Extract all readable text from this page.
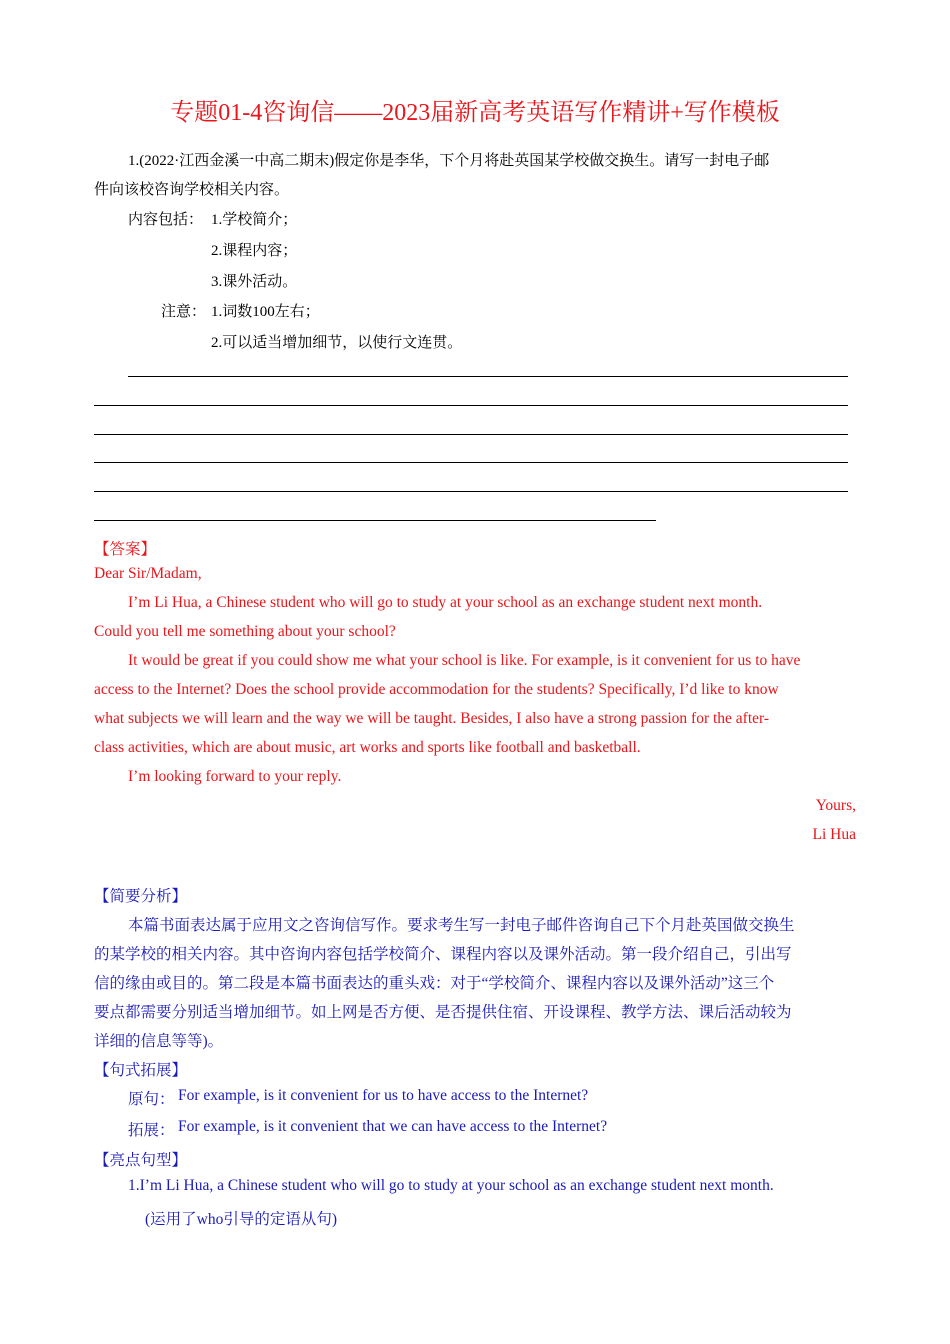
专题01-4咨询信——2023届新高考英语写作精讲+写作模板
1.(2022·江西金溪一中高二期末)假定你是李华，下个月将赴英国某学校做交换生。请写一封电子邮
件向该校咨询学校相关内容。
内容包括： 1.学校简介；
2.课程内容；
3.课外活动。
注意： 1.词数100左右；
2.可以适当增加细节，以使行文连贯。
【答案】
Dear Sir/Madam,
I’m Li Hua, a Chinese student who will go to study at your school as an exchange student next month.
Could you tell me something about your school?
It would be great if you could show me what your school is like. For example, is it convenient for us to have
access to the Internet? Does the school provide accommodation for the students? Specifically, I’d like to know
what subjects we will learn and the way we will be taught. Besides, I also have a strong passion for the after-
class activities, which are about music, art works and sports like football and basketball.
I’m looking forward to your reply.
Yours,
Li Hua
【简要分析】
本篇书面表达属于应用文之咨询信写作。要求考生写一封电子邮件咨询自己下个月赴英国做交换生
的某学校的相关内容。其中咨询内容包括学校简介、课程内容以及课外活动。第一段介绍自己，引出写
信的缘由或目的。第二段是本篇书面表达的重头戏：对于“学校简介、课程内容以及课外活动”这三个
要点都需要分别适当增加细节。如上网是否方便、是否提供住宿、开设课程、教学方法、课后活动较为
详细的信息等等)。
【句式拓展】
原句： For example, is it convenient for us to have access to the Internet?
拓展： For example, is it convenient that we can have access to the Internet?
【亮点句型】
1.I’m Li Hua, a Chinese student who will go to study at your school as an exchange student next month.
(运用了who引导的定语从句)
